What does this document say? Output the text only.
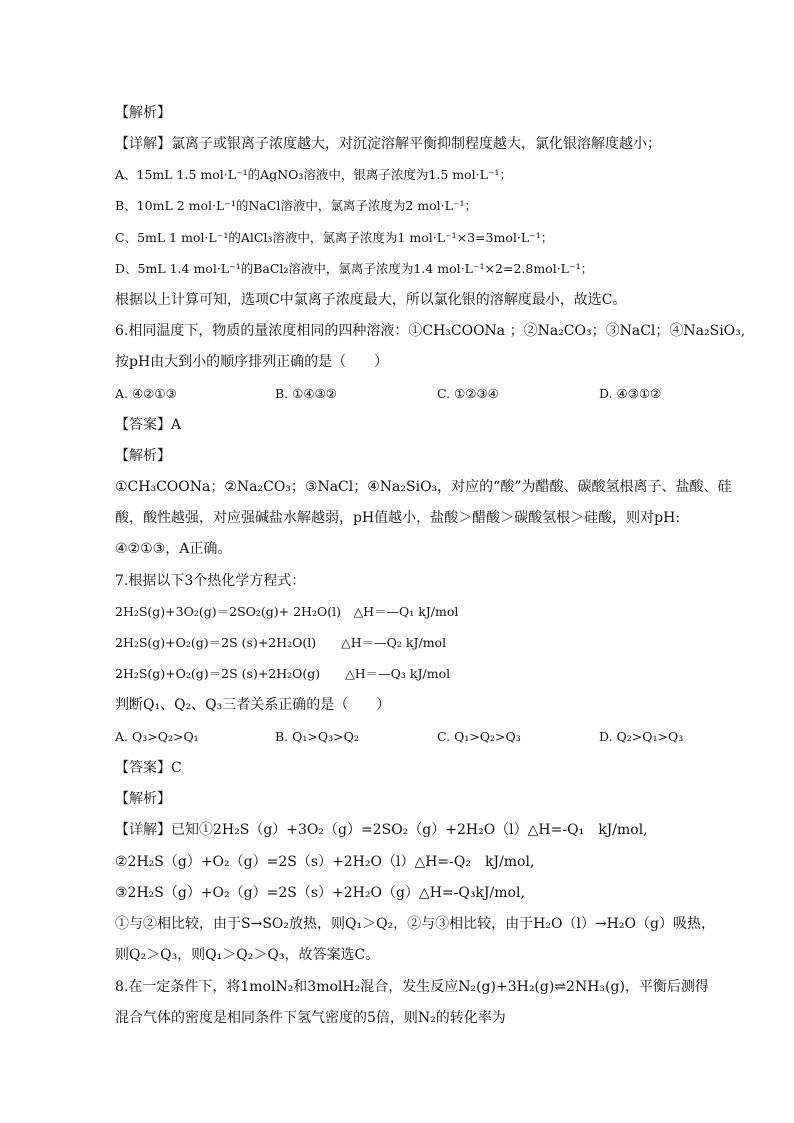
【解析】
【详解】氯离子或银离子浓度越大，对沉淀溶解平衡抑制程度越大，氯化银溶解度越小；
A、15mL 1.5 mol·L⁻¹的AgNO₃溶液中，银离子浓度为1.5 mol·L⁻¹；
B、10mL 2 mol·L⁻¹的NaCl溶液中，氯离子浓度为2 mol·L⁻¹；
C、5mL 1 mol·L⁻¹的AlCl₃溶液中，氯离子浓度为1 mol·L⁻¹×3=3mol·L⁻¹；
D、5mL 1.4 mol·L⁻¹的BaCl₂溶液中，氯离子浓度为1.4 mol·L⁻¹×2=2.8mol·L⁻¹；
根据以上计算可知，选项C中氯离子浓度最大，所以氯化银的溶解度最小，故选C。
6.相同温度下，物质的量浓度相同的四种溶液：①CH₃COONa ；②Na₂CO₃；③NaCl；④Na₂SiO₃,
按pH由大到小的顺序排列正确的是（　　）
A. ④②①③	B. ①④③②	C. ①②③④	D. ④③①②
【答案】A
【解析】
①CH₃COONa；②Na₂CO₃；③NaCl；④Na₂SiO₃，对应的“酸”为醋酸、碳酸氢根离子、盐酸、硅
酸，酸性越强，对应强碱盐水解越弱，pH值越小，盐酸＞醋酸＞碳酸氢根＞硅酸，则对pH:
④②①③，A正确。
7.根据以下3个热化学方程式：
2H₂S(g)+3O₂(g)＝2SO₂(g)+ 2H₂O(l)　△H＝—Q₁ kJ/mol
2H₂S(g)+O₂(g)＝2S (s)+2H₂O(l)　　△H＝—Q₂ kJ/mol
2H₂S(g)+O₂(g)＝2S (s)+2H₂O(g)　　△H＝—Q₃ kJ/mol
判断Q₁、Q₂、Q₃三者关系正确的是（　　）
A. Q₃>Q₂>Q₁	B. Q₁>Q₃>Q₂	C. Q₁>Q₂>Q₃	D. Q₂>Q₁>Q₃
【答案】C
【解析】
【详解】已知①2H₂S（g）+3O₂（g）=2SO₂（g）+2H₂O（l）△H=-Q₁　kJ/mol,
②2H₂S（g）+O₂（g）=2S（s）+2H₂O（l）△H=-Q₂　kJ/mol,
③2H₂S（g）+O₂（g）=2S（s）+2H₂O（g）△H=-Q₃kJ/mol,
①与②相比较，由于S→SO₂放热，则Q₁＞Q₂，②与③相比较，由于H₂O（l）→H₂O（g）吸热，
则Q₂＞Q₃，则Q₁＞Q₂＞Q₃，故答案选C。
8.在一定条件下，将1molN₂和3molH₂混合，发生反应N₂(g)+3H₂(g)⇌2NH₃(g)，平衡后测得
混合气体的密度是相同条件下氢气密度的5倍，则N₂的转化率为
